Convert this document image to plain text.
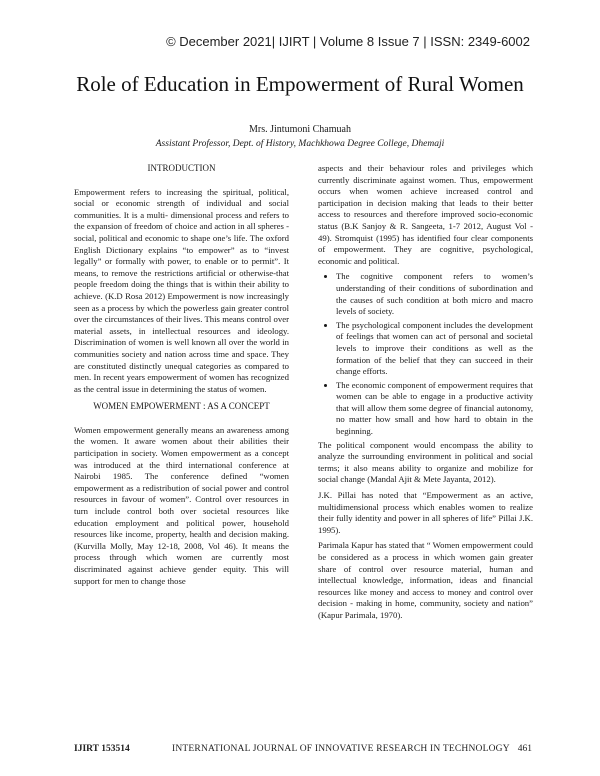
© December 2021| IJIRT | Volume 8 Issue 7 | ISSN: 2349-6002
Role of Education in Empowerment of Rural Women
Mrs. Jintumoni Chamuah
Assistant Professor, Dept. of History, Machkhowa Degree College, Dhemaji
INTRODUCTION

Empowerment refers to increasing the spiritual, political, social or economic strength of individual and social communities. It is a multi- dimensional process and refers to the expansion of freedom of choice and action in all spheres - social, political and economic to shape one’s life. The oxford English Dictionary explains “to empower” as to “invest legally” or formally with power, to enable or to permit”. It means, to remove the restrictions artificial or otherwise-that people freedom doing the things that is within their ability to achieve. (K.D Rosa 2012) Empowerment is now increasingly seen as a process by which the powerless gain greater control over the circumstances of their lives. This means control over material assets, in intellectual resources and ideology. Discrimination of women is well known all over the world in communities society and nation across time and space. They are constituted distinctly unequal categories as compared to men. In recent years empowerment of women has recognized as the central issue in determining the status of women.

WOMEN EMPOWERMENT : AS A CONCEPT

Women empowerment generally means an awareness among the women. It aware women about their abilities their participation in society. Women empowerment as a concept was introduced at the third international conference at Nairobi 1985. The conference defined “women empowerment as a redistribution of social power and control resources in favour of women”. Control over resources in turn include control both over societal resources like education employment and political power, household resources like income, property, health and decision making. (Kurvilla Molly, May 12-18, 2008, Vol 46). It means the process through which women are currently most discriminated against achieve gender equity. This will support for men to change those

aspects and their behaviour roles and privileges which currently discriminate against women. Thus, empowerment occurs when women achieve increased control and participation in decision making that leads to their better access to resources and therefore improved socio-economic status (B.K Sanjoy & R. Sangeeta, 1-7 2012, August Vol - 49). Stromquist (1995) has identified four clear components of empowerment. They are cognitive, psychological, economic and political.

• The cognitive component refers to women’s understanding of their conditions of subordination and the causes of such condition at both micro and macro levels of society.
• The psychological component includes the development of feelings that women can act of personal and societal levels to improve their conditions as well as the formation of the belief that they can succeed in their change efforts.
• The economic component of empowerment requires that women can be able to engage in a productive activity that will allow them some degree of financial autonomy, no matter how small and how hard to obtain in the beginning.

The political component would encompass the ability to analyze the surrounding environment in political and social terms; it also means ability to organize and mobilize for social change (Mandal Ajit & Mete Jayanta, 2012).

J.K. Pillai has noted that “Empowerment as an active, multidimensional process which enables women to realize their fully identity and power in all spheres of life” Pillai J.K. 1995).

Parimala Kapur has stated that “ Women empowerment could be considered as a process in which women gain greater share of control over resource material, human and intellectual knowledge, information, ideas and financial resources like money and access to money and control over decision - making in home, community, society and nation” (Kapur Parimala, 1970).

IJIRT 153514	INTERNATIONAL JOURNAL OF INNOVATIVE RESEARCH IN TECHNOLOGY 461
